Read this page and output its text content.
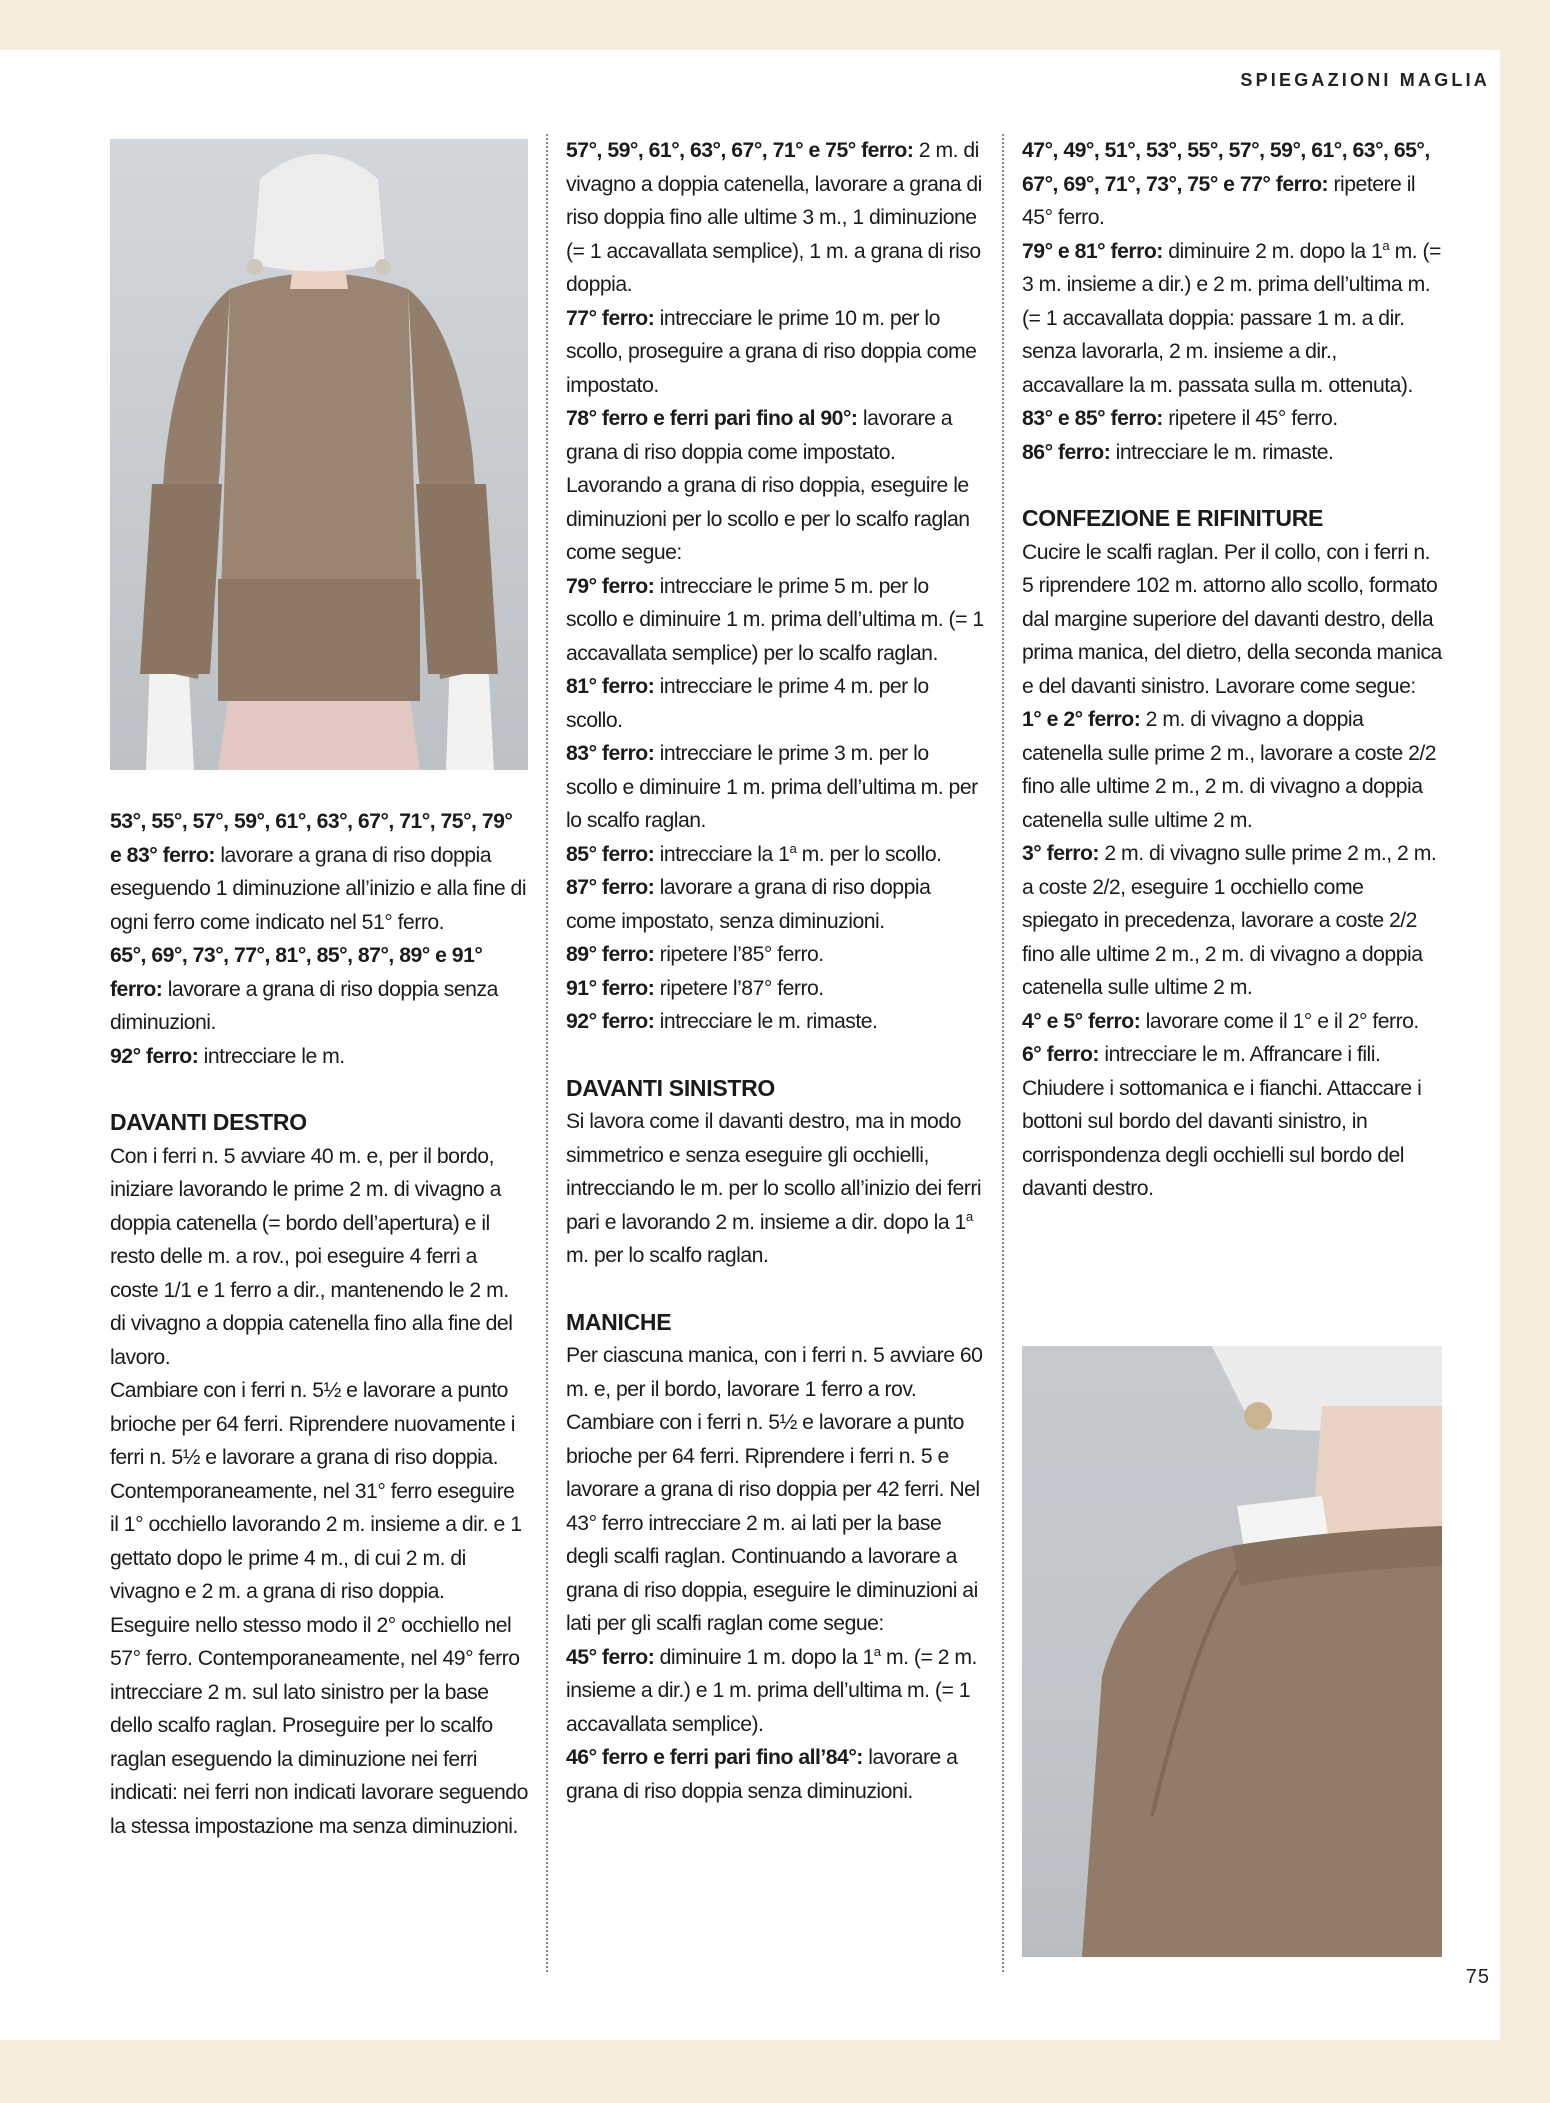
SPIEGAZIONI MAGLIA

53°, 55°, 57°, 59°, 61°, 63°, 67°, 71°, 75°, 79° e 83° ferro: lavorare a grana di riso doppia eseguendo 1 diminuzione all’inizio e alla fine di ogni ferro come indicato nel 51° ferro.

65°, 69°, 73°, 77°, 81°, 85°, 87°, 89° e 91° ferro: lavorare a grana di riso doppia senza diminuzioni.

92° ferro: intrecciare le m.

DAVANTI DESTRO

Con i ferri n. 5 avviare 40 m. e, per il bordo, iniziare lavorando le prime 2 m. di vivagno a doppia catenella (= bordo dell’apertura) e il resto delle m. a rov., poi eseguire 4 ferri a coste 1/1 e 1 ferro a dir., mantenendo le 2 m. di vivagno a doppia catenella fino alla fine del lavoro.

Cambiare con i ferri n. 5½ e lavorare a punto brioche per 64 ferri. Riprendere nuovamente i ferri n. 5½ e lavorare a grana di riso doppia. Contemporaneamente, nel 31° ferro eseguire il 1° occhiello lavorando 2 m. insieme a dir. e 1 gettato dopo le prime 4 m., di cui 2 m. di vivagno e 2 m. a grana di riso doppia. Eseguire nello stesso modo il 2° occhiello nel 57° ferro. Contemporaneamente, nel 49° ferro intrecciare 2 m. sul lato sinistro per la base dello scalfo raglan. Proseguire per lo scalfo raglan eseguendo la diminuzione nei ferri indicati: nei ferri non indicati lavorare seguendo la stessa impostazione ma senza diminuzioni.

57°, 59°, 61°, 63°, 67°, 71° e 75° ferro: 2 m. di vivagno a doppia catenella, lavorare a grana di riso doppia fino alle ultime 3 m., 1 diminuzione (= 1 accavallata semplice), 1 m. a grana di riso doppia.

77° ferro: intrecciare le prime 10 m. per lo scollo, proseguire a grana di riso doppia come impostato.

78° ferro e ferri pari fino al 90°: lavorare a grana di riso doppia come impostato.

Lavorando a grana di riso doppia, eseguire le diminuzioni per lo scollo e per lo scalfo raglan come segue:

79° ferro: intrecciare le prime 5 m. per lo scollo e diminuire 1 m. prima dell’ultima m. (= 1 accavallata semplice) per lo scalfo raglan.

81° ferro: intrecciare le prime 4 m. per lo scollo.

83° ferro: intrecciare le prime 3 m. per lo scollo e diminuire 1 m. prima dell’ultima m. per lo scalfo raglan.

85° ferro: intrecciare la 1$^a$ m. per lo scollo.

87° ferro: lavorare a grana di riso doppia come impostato, senza diminuzioni.

89° ferro: ripetere l’85° ferro.

91° ferro: ripetere l’87° ferro.

92° ferro: intrecciare le m. rimaste.

DAVANTI SINISTRO

Si lavora come il davanti destro, ma in modo simmetrico e senza eseguire gli occhielli, intrecciando le m. per lo scollo all’inizio dei ferri pari e lavorando 2 m. insieme a dir. dopo la 1$^a$ m. per lo scalfo raglan.

MANICHE

Per ciascuna manica, con i ferri n. 5 avviare 60 m. e, per il bordo, lavorare 1 ferro a rov. Cambiare con i ferri n. 5½ e lavorare a punto brioche per 64 ferri. Riprendere i ferri n. 5 e lavorare a grana di riso doppia per 42 ferri. Nel 43° ferro intrecciare 2 m. ai lati per la base degli scalfi raglan. Continuando a lavorare a grana di riso doppia, eseguire le diminuzioni ai lati per gli scalfi raglan come segue:

45° ferro: diminuire 1 m. dopo la 1$^a$ m. (= 2 m. insieme a dir.) e 1 m. prima dell’ultima m. (= 1 accavallata semplice).

46° ferro e ferri pari fino all’84°: lavorare a grana di riso doppia senza diminuzioni.

47°, 49°, 51°, 53°, 55°, 57°, 59°, 61°, 63°, 65°, 67°, 69°, 71°, 73°, 75° e 77° ferro: ripetere il 45° ferro.

79° e 81° ferro: diminuire 2 m. dopo la 1$^a$ m. (= 3 m. insieme a dir.) e 2 m. prima dell’ultima m. (= 1 accavallata doppia: passare 1 m. a dir. senza lavorarla, 2 m. insieme a dir., accavallare la m. passata sulla m. ottenuta).

83° e 85° ferro: ripetere il 45° ferro.

86° ferro: intrecciare le m. rimaste.

CONFEZIONE E RIFINITURE

Cucire le scalfi raglan. Per il collo, con i ferri n. 5 riprendere 102 m. attorno allo scollo, formato dal margine superiore del davanti destro, della prima manica, del dietro, della seconda manica e del davanti sinistro. Lavorare come segue:

1° e 2° ferro: 2 m. di vivagno a doppia catenella sulle prime 2 m., lavorare a coste 2/2 fino alle ultime 2 m., 2 m. di vivagno a doppia catenella sulle ultime 2 m.

3° ferro: 2 m. di vivagno sulle prime 2 m., 2 m. a coste 2/2, eseguire 1 occhiello come spiegato in precedenza, lavorare a coste 2/2 fino alle ultime 2 m., 2 m. di vivagno a doppia catenella sulle ultime 2 m.

4° e 5° ferro: lavorare come il 1° e il 2° ferro.

6° ferro: intrecciare le m. Affrancare i fili. Chiudere i sottomanica e i fianchi. Attaccare i bottoni sul bordo del davanti sinistro, in corrispondenza degli occhielli sul bordo del davanti destro.

75
